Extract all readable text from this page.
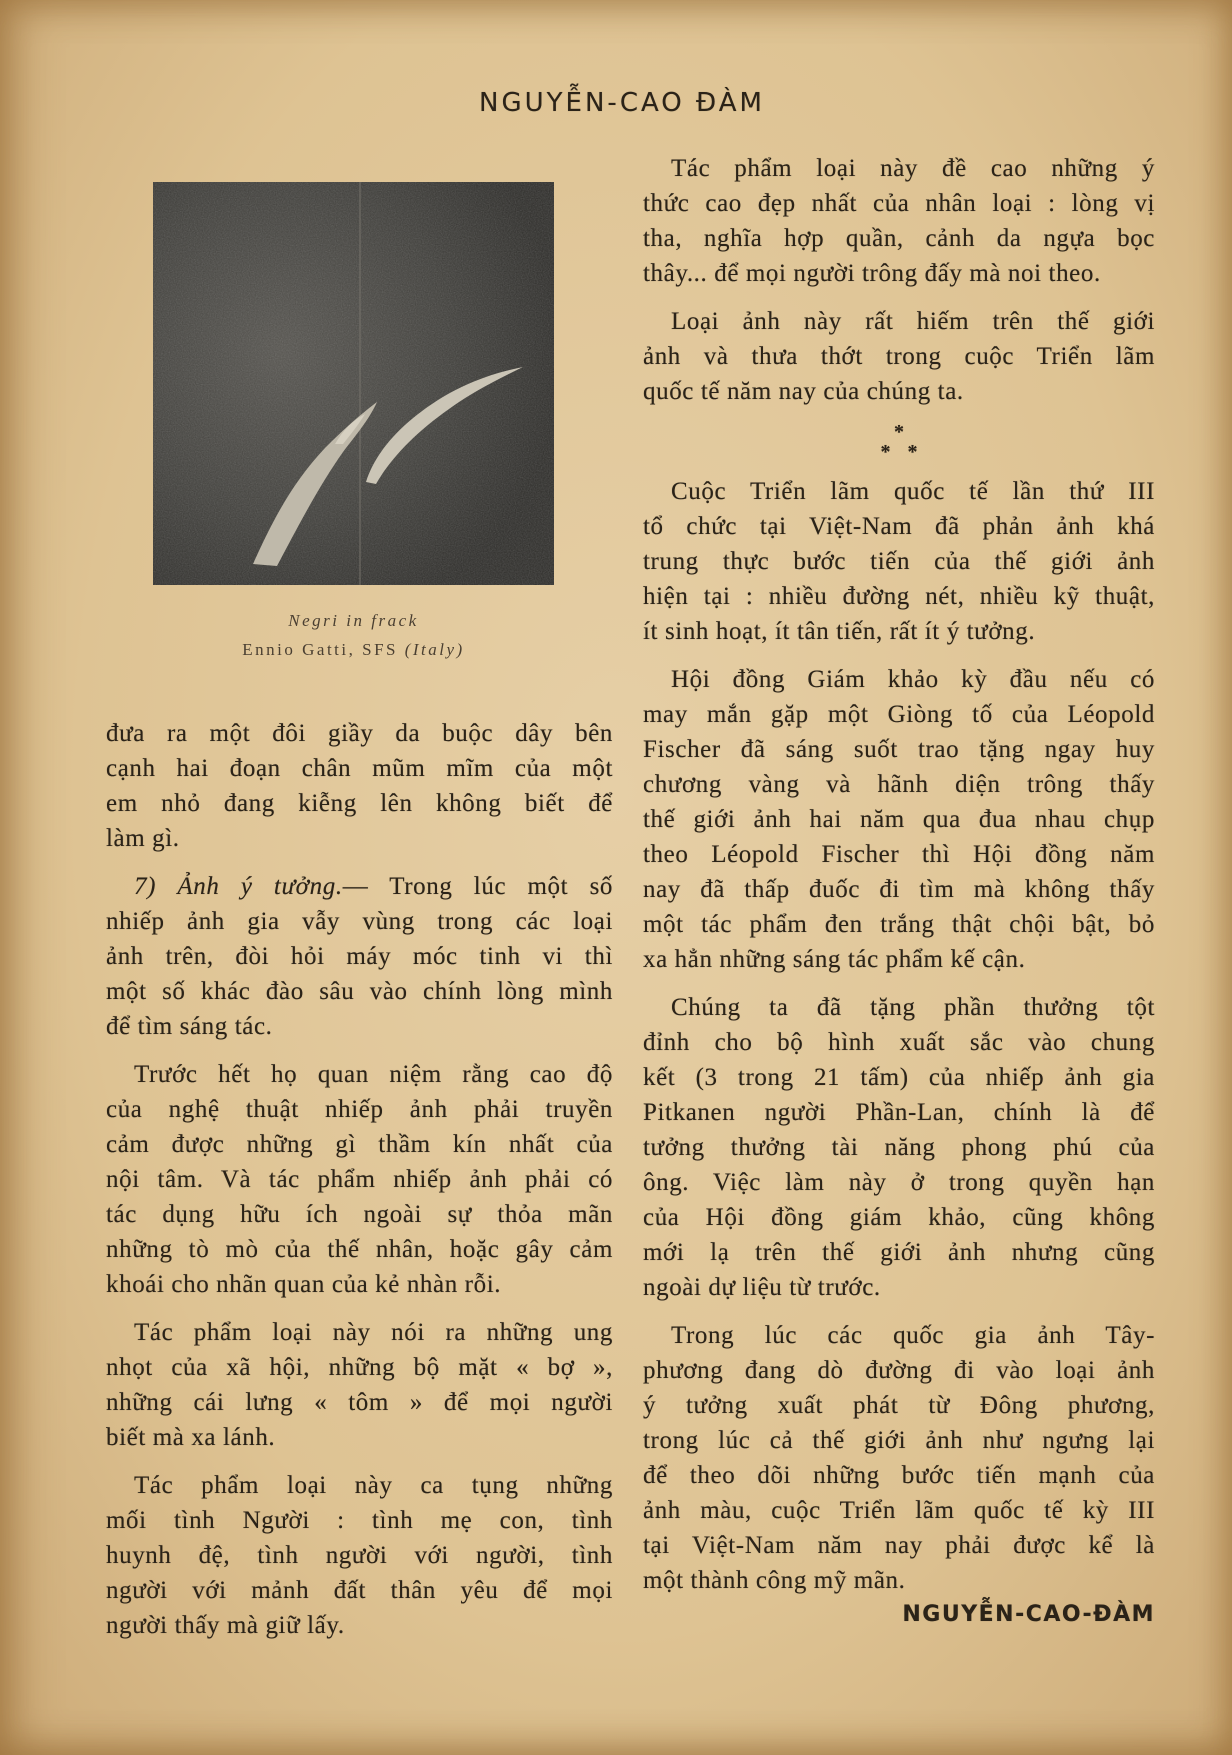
NGUYỄN-CAO ĐÀM
Negri in frack
Ennio Gatti, SFS (Italy)
đưa ra một đôi giầy da buộc dây bên
cạnh hai đoạn chân mũm mĩm của một
em nhỏ đang kiễng lên không biết để
làm gì.
7) Ảnh ý tưởng.— Trong lúc một số
nhiếp ảnh gia vẫy vùng trong các loại
ảnh trên, đòi hỏi máy móc tinh vi thì
một số khác đào sâu vào chính lòng mình
để tìm sáng tác.
Trước hết họ quan niệm rằng cao độ
của nghệ thuật nhiếp ảnh phải truyền
cảm được những gì thầm kín nhất của
nội tâm. Và tác phẩm nhiếp ảnh phải có
tác dụng hữu ích ngoài sự thỏa mãn
những tò mò của thế nhân, hoặc gây cảm
khoái cho nhãn quan của kẻ nhàn rỗi.
Tác phẩm loại này nói ra những ung
nhọt của xã hội, những bộ mặt « bợ »,
những cái lưng « tôm » để mọi người
biết mà xa lánh.
Tác phẩm loại này ca tụng những
mối tình Người : tình mẹ con, tình
huynh đệ, tình người với người, tình
người với mảnh đất thân yêu để mọi
người thấy mà giữ lấy.
Tác phẩm loại này đề cao những ý
thức cao đẹp nhất của nhân loại : lòng vị
tha, nghĩa hợp quần, cảnh da ngựa bọc
thây... để mọi người trông đấy mà noi theo.
Loại ảnh này rất hiếm trên thế giới
ảnh và thưa thớt trong cuộc Triển lãm
quốc tế năm nay của chúng ta.
*
* *
Cuộc Triển lãm quốc tế lần thứ III
tổ chức tại Việt-Nam đã phản ảnh khá
trung thực bước tiến của thế giới ảnh
hiện tại : nhiều đường nét, nhiều kỹ thuật,
ít sinh hoạt, ít tân tiến, rất ít ý tưởng.
Hội đồng Giám khảo kỳ đầu nếu có
may mắn gặp một Giòng tố của Léopold
Fischer đã sáng suốt trao tặng ngay huy
chương vàng và hãnh diện trông thấy
thế giới ảnh hai năm qua đua nhau chụp
theo Léopold Fischer thì Hội đồng năm
nay đã thấp đuốc đi tìm mà không thấy
một tác phẩm đen trắng thật chội bật, bỏ
xa hẳn những sáng tác phẩm kế cận.
Chúng ta đã tặng phần thưởng tột
đỉnh cho bộ hình xuất sắc vào chung
kết (3 trong 21 tấm) của nhiếp ảnh gia
Pitkanen người Phần-Lan, chính là để
tưởng thưởng tài năng phong phú của
ông. Việc làm này ở trong quyền hạn
của Hội đồng giám khảo, cũng không
mới lạ trên thế giới ảnh nhưng cũng
ngoài dự liệu từ trước.
Trong lúc các quốc gia ảnh Tây-
phương đang dò đường đi vào loại ảnh
ý tưởng xuất phát từ Đông phương,
trong lúc cả thế giới ảnh như ngưng lại
để theo dõi những bước tiến mạnh của
ảnh màu, cuộc Triển lãm quốc tế kỳ III
tại Việt-Nam năm nay phải được kể là
một thành công mỹ mãn.
NGUYỄN-CAO-ĐÀM
